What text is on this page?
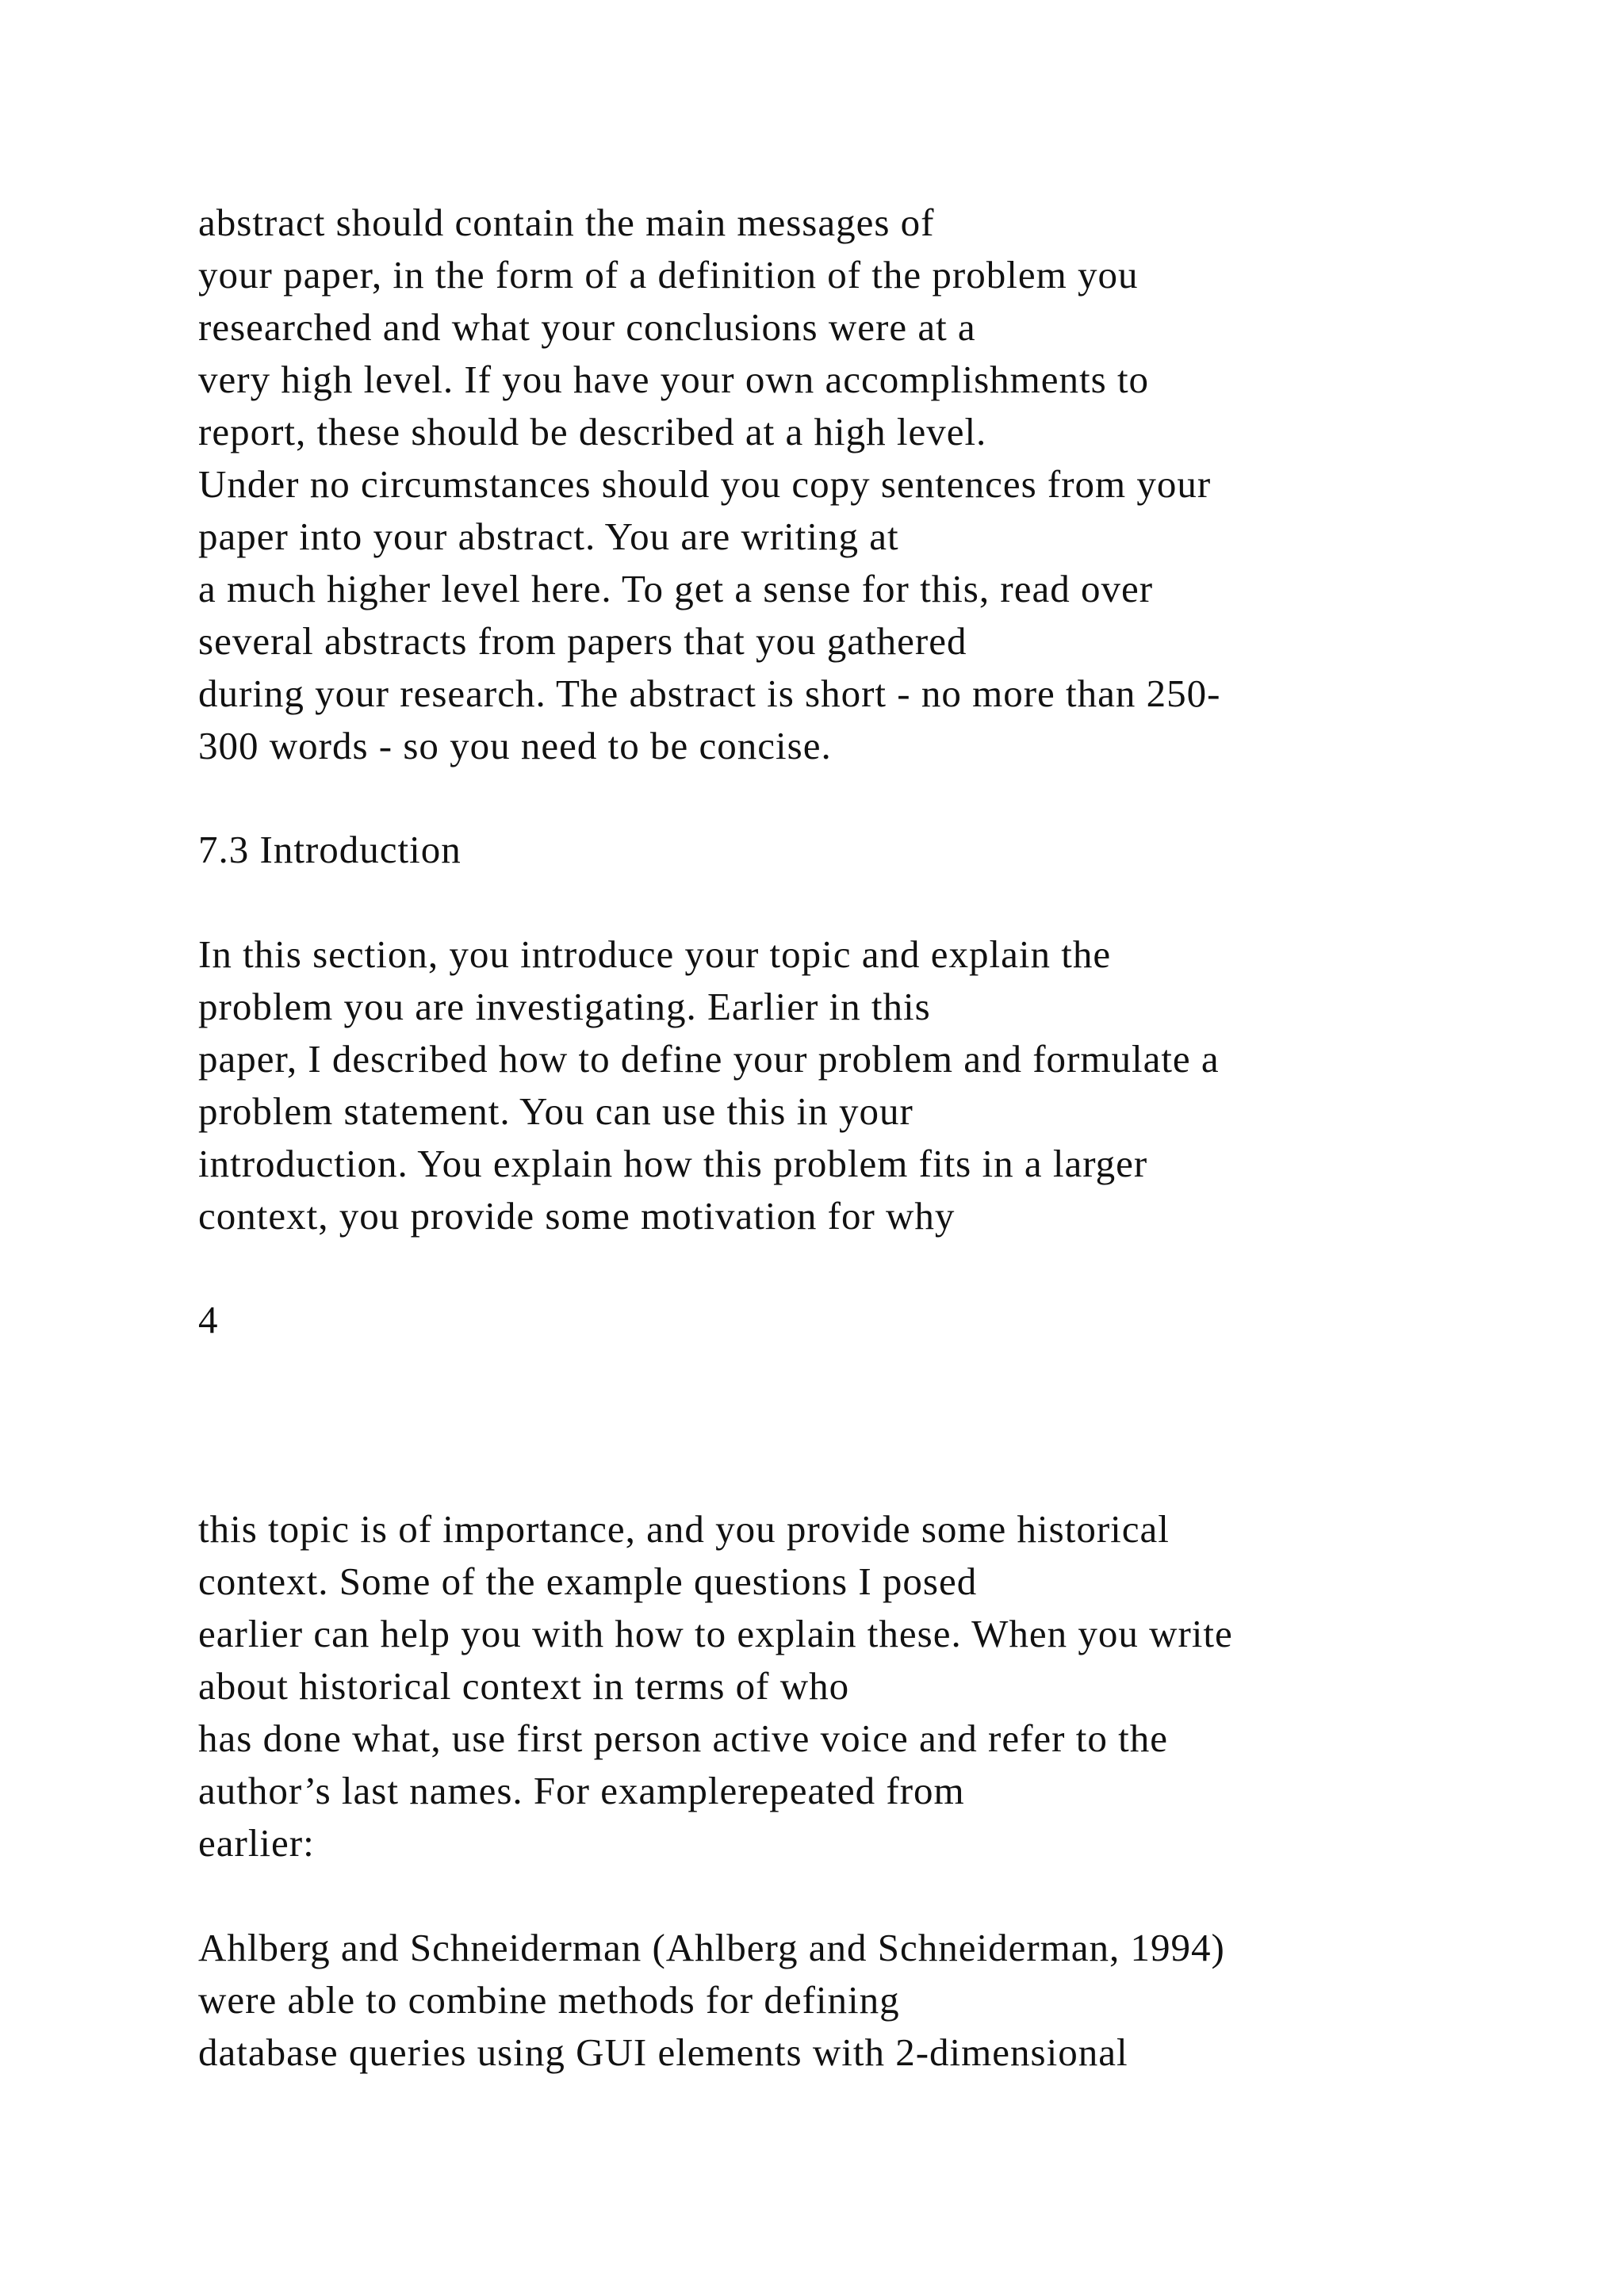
abstract should contain the main messages of
your paper, in the form of a definition of the problem you
researched and what your conclusions were at a
very high level. If you have your own accomplishments to
report, these should be described at a high level.
Under no circumstances should you copy sentences from your
paper into your abstract. You are writing at
a much higher level here. To get a sense for this, read over
several abstracts from papers that you gathered
during your research. The abstract is short - no more than 250-
300 words - so you need to be concise.
7.3 Introduction
In this section, you introduce your topic and explain the
problem you are investigating. Earlier in this
paper, I described how to define your problem and formulate a
problem statement. You can use this in your
introduction. You explain how this problem fits in a larger
context, you provide some motivation for why
4
this topic is of importance, and you provide some historical
context. Some of the example questions I posed
earlier can help you with how to explain these. When you write
about historical context in terms of who
has done what, use first person active voice and refer to the
author’s last names. For examplerepeated from
earlier:
Ahlberg and Schneiderman (Ahlberg and Schneiderman, 1994)
were able to combine methods for defining
database queries using GUI elements with 2-dimensional
